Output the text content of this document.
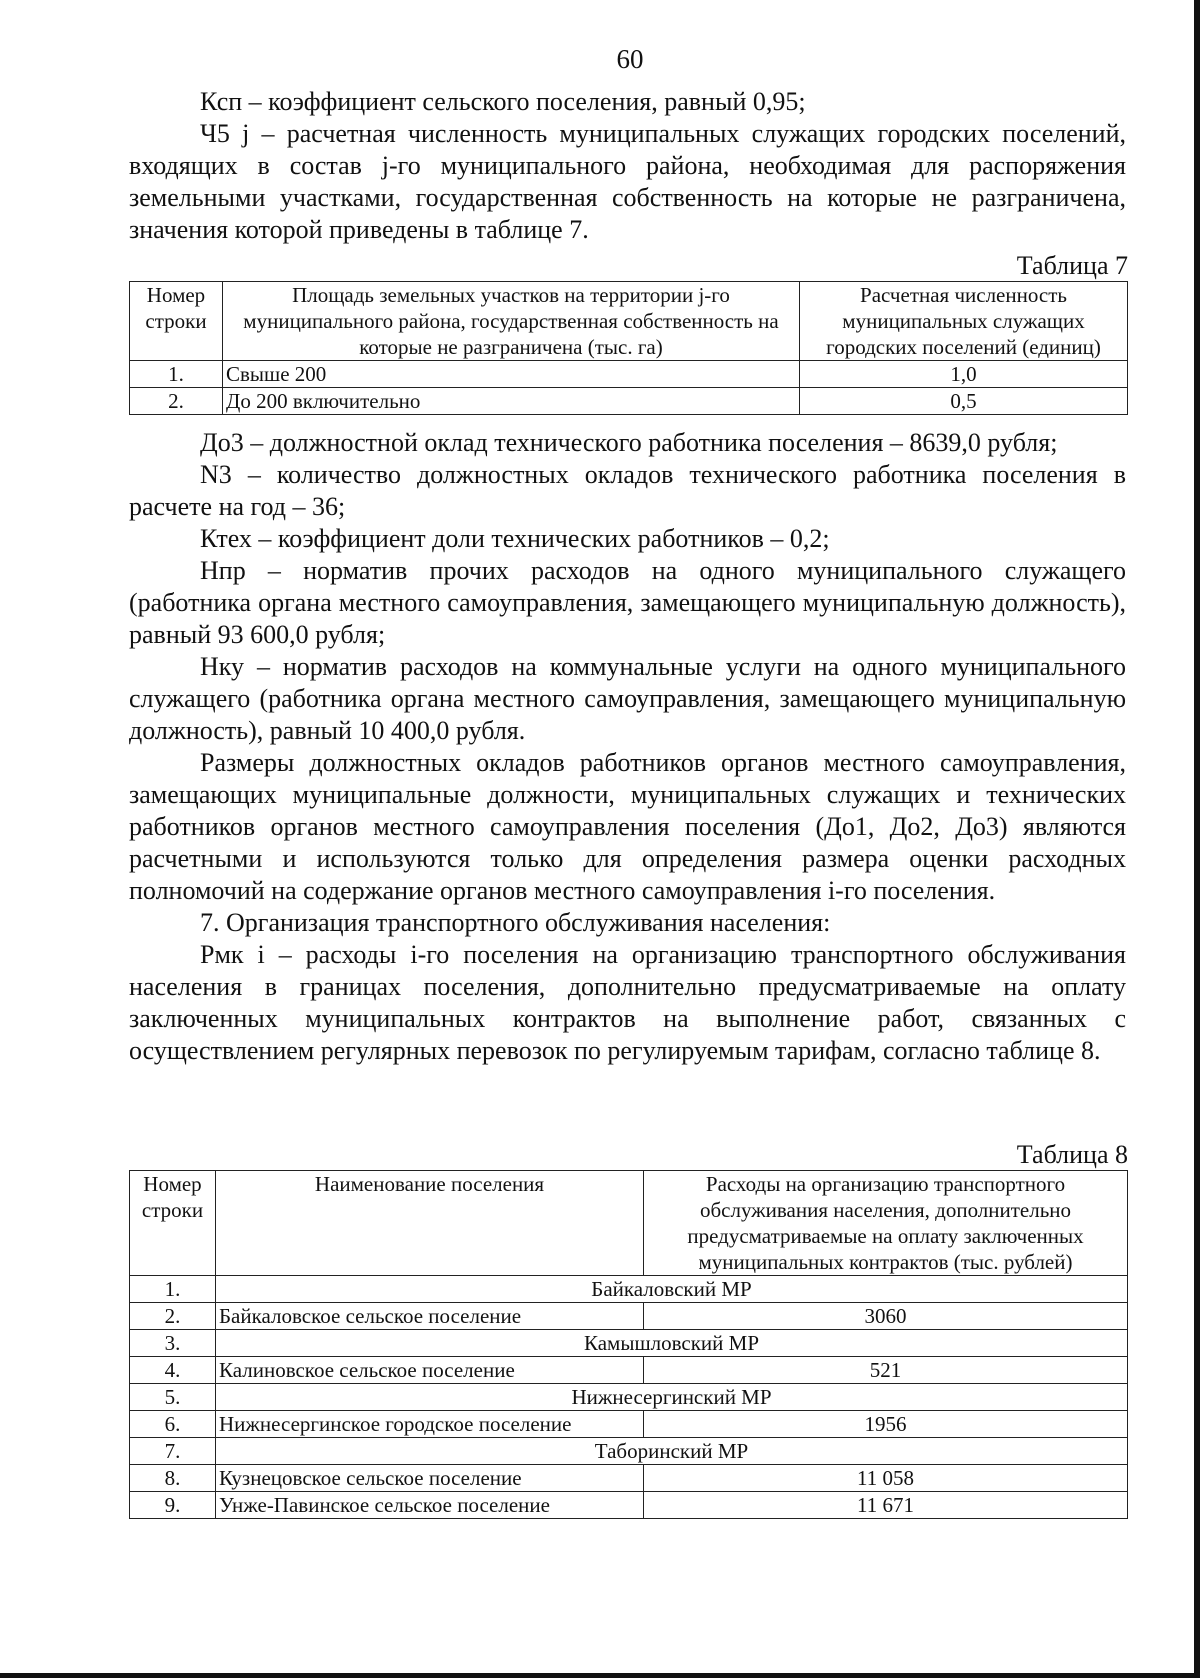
60

Ксп – коэффициент сельского поселения, равный 0,95;

Ч5 j – расчетная численность муниципальных служащих городских поселений, входящих в состав j-го муниципального района, необходимая для распоряжения земельными участками, государственная собственность на которые не разграничена, значения которой приведены в таблице 7.

Таблица 7
Номер строки	Площадь земельных участков на территории j-го муниципального района, государственная собственность на которые не разграничена (тыс. га)	Расчетная численность муниципальных служащих городских поселений (единиц)
1.	Свыше 200	1,0
2.	До 200 включительно	0,5

До3 – должностной оклад технического работника поселения – 8639,0 рубля;

N3 – количество должностных окладов технического работника поселения в расчете на год – 36;

Ктех – коэффициент доли технических работников – 0,2;

Нпр – норматив прочих расходов на одного муниципального служащего (работника органа местного самоуправления, замещающего муниципальную должность), равный 93 600,0 рубля;

Нку – норматив расходов на коммунальные услуги на одного муниципального служащего (работника органа местного самоуправления, замещающего муниципальную должность), равный 10 400,0 рубля.

Размеры должностных окладов работников органов местного самоуправления, замещающих муниципальные должности, муниципальных служащих и технических работников органов местного самоуправления поселения (До1, До2, До3) являются расчетными и используются только для определения размера оценки расходных полномочий на содержание органов местного самоуправления i-го поселения.

7. Организация транспортного обслуживания населения:

Рмк i – расходы i-го поселения на организацию транспортного обслуживания населения в границах поселения, дополнительно предусматриваемые на оплату заключенных муниципальных контрактов на выполнение работ, связанных с осуществлением регулярных перевозок по регулируемым тарифам, согласно таблице 8.

Таблица 8
Номер строки	Наименование поселения	Расходы на организацию транспортного обслуживания населения, дополнительно предусматриваемые на оплату заключенных муниципальных контрактов (тыс. рублей)
1.	Байкаловский МР	
2.	Байкаловское сельское поселение	3060
3.	Камышловский МР	
4.	Калиновское сельское поселение	521
5.	Нижнесергинский МР	
6.	Нижнесергинское городское поселение	1956
7.	Таборинский МР	
8.	Кузнецовское сельское поселение	11 058
9.	Унже-Павинское сельское поселение	11 671
